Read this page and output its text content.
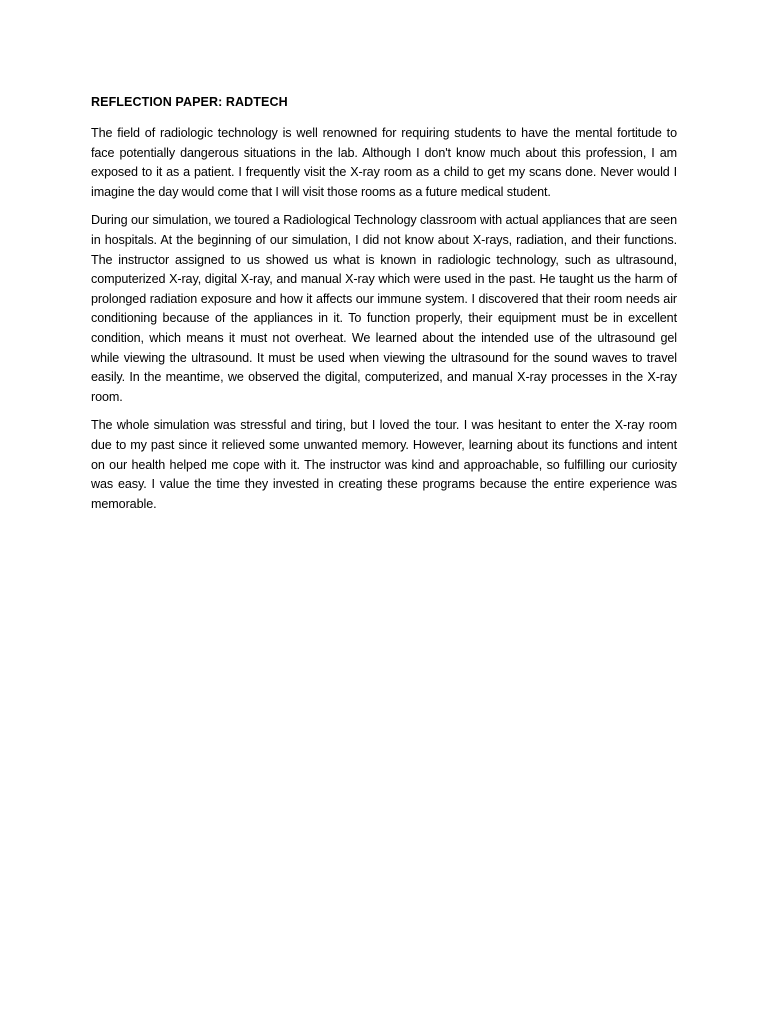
REFLECTION PAPER: RADTECH

The field of radiologic technology is well renowned for requiring students to have the mental fortitude to face potentially dangerous situations in the lab. Although I don't know much about this profession, I am exposed to it as a patient. I frequently visit the X-ray room as a child to get my scans done. Never would I imagine the day would come that I will visit those rooms as a future medical student.

During our simulation, we toured a Radiological Technology classroom with actual appliances that are seen in hospitals. At the beginning of our simulation, I did not know about X-rays, radiation, and their functions. The instructor assigned to us showed us what is known in radiologic technology, such as ultrasound, computerized X-ray, digital X-ray, and manual X-ray which were used in the past. He taught us the harm of prolonged radiation exposure and how it affects our immune system. I discovered that their room needs air conditioning because of the appliances in it. To function properly, their equipment must be in excellent condition, which means it must not overheat. We learned about the intended use of the ultrasound gel while viewing the ultrasound. It must be used when viewing the ultrasound for the sound waves to travel easily. In the meantime, we observed the digital, computerized, and manual X-ray processes in the X-ray room.

The whole simulation was stressful and tiring, but I loved the tour. I was hesitant to enter the X-ray room due to my past since it relieved some unwanted memory. However, learning about its functions and intent on our health helped me cope with it. The instructor was kind and approachable, so fulfilling our curiosity was easy. I value the time they invested in creating these programs because the entire experience was memorable.
